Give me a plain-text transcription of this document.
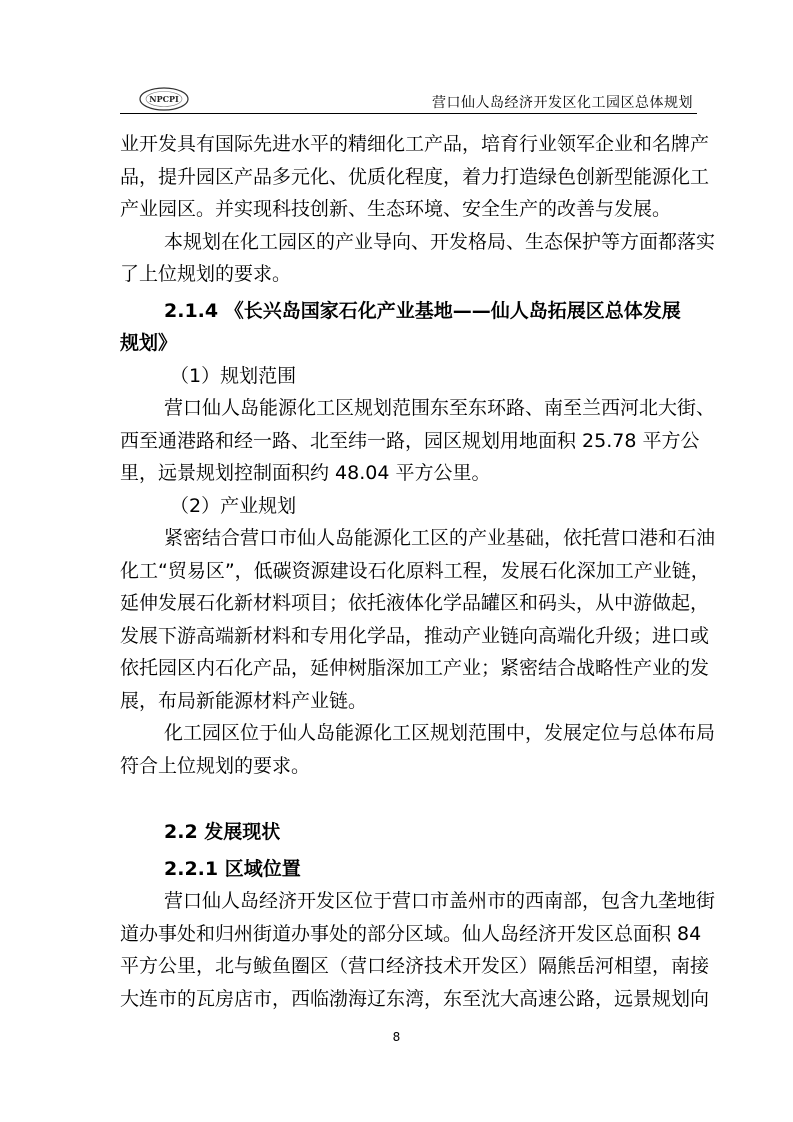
NPCPI	营口仙人岛经济开发区化工园区总体规划

业开发具有国际先进水平的精细化工产品，培育行业领军企业和名牌产

品，提升园区产品多元化、优质化程度，着力打造绿色创新型能源化工

产业园区。并实现科技创新、生态环境、安全生产的改善与发展。

本规划在化工园区的产业导向、开发格局、生态保护等方面都落实

了上位规划的要求。

2.1.4 《长兴岛国家石化产业基地——仙人岛拓展区总体发展

规划》

（1）规划范围

营口仙人岛能源化工区规划范围东至东环路、南至兰西河北大街、

西至通港路和经一路、北至纬一路，园区规划用地面积 25.78 平方公

里，远景规划控制面积约 48.04 平方公里。

（2）产业规划

紧密结合营口市仙人岛能源化工区的产业基础，依托营口港和石油

化工“贸易区”，低碳资源建设石化原料工程，发展石化深加工产业链，

延伸发展石化新材料项目；依托液体化学品罐区和码头，从中游做起，

发展下游高端新材料和专用化学品，推动产业链向高端化升级；进口或

依托园区内石化产品，延伸树脂深加工产业；紧密结合战略性产业的发

展，布局新能源材料产业链。

化工园区位于仙人岛能源化工区规划范围中，发展定位与总体布局

符合上位规划的要求。

2.2 发展现状

2.2.1 区域位置

营口仙人岛经济开发区位于营口市盖州市的西南部，包含九垄地街

道办事处和归州街道办事处的部分区域。仙人岛经济开发区总面积 84

平方公里，北与鲅鱼圈区（营口经济技术开发区）隔熊岳河相望，南接

大连市的瓦房店市，西临渤海辽东湾，东至沈大高速公路，远景规划向

8
